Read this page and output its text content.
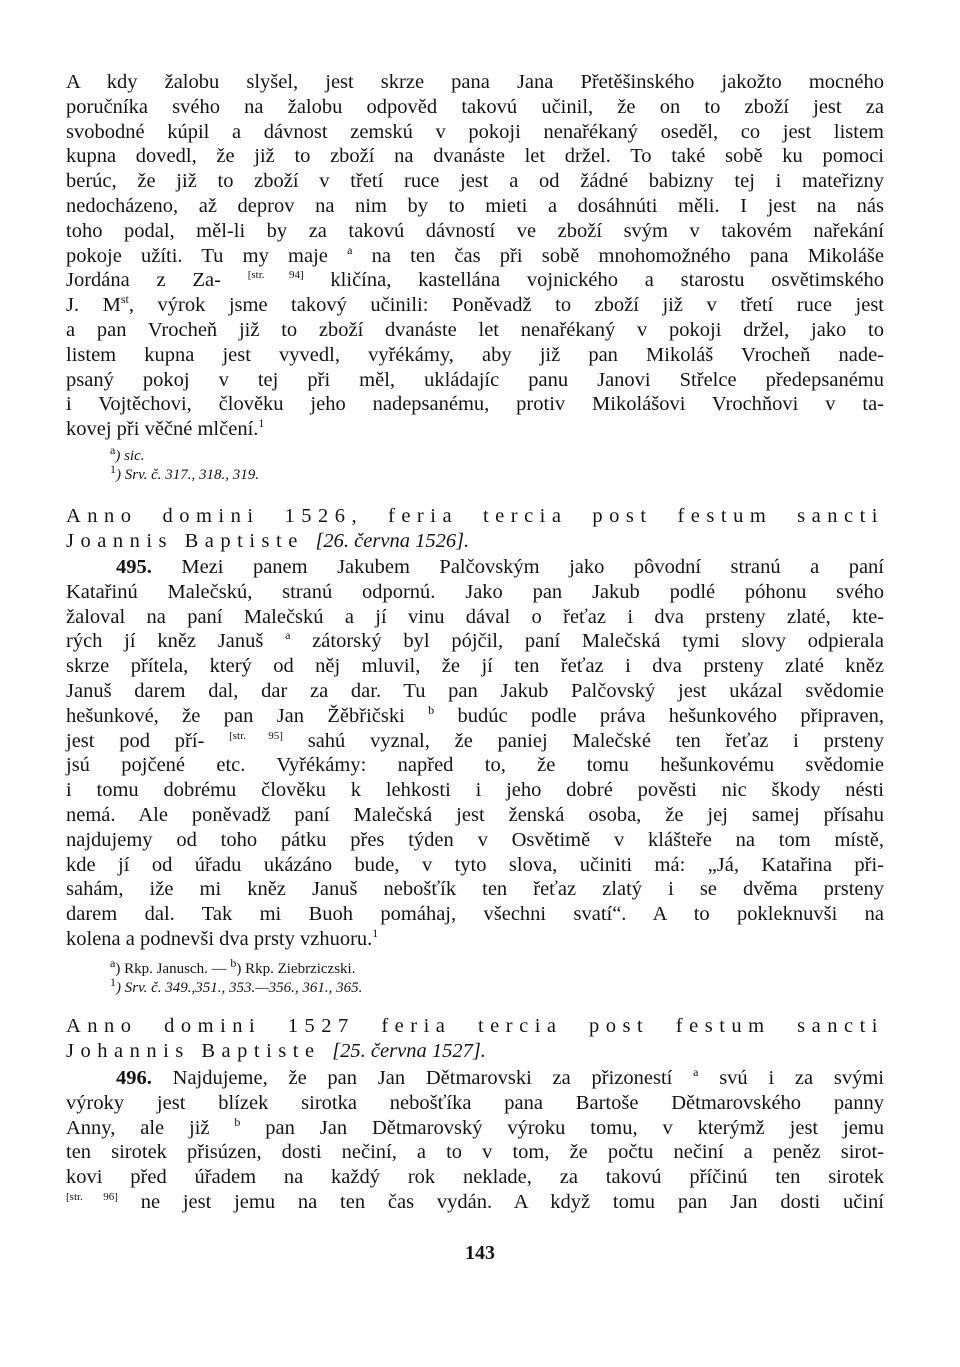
A kdy žalobu slyšel, jest skrze pana Jana Přetěšinského jakožto mocného
poručníka svého na žalobu odpověd takovú učinil, že on to zboží jest za
svobodné kúpil a dávnost zemskú v pokoji nenařékaný oseděl, co jest listem
kupna dovedl, že již to zboží na dvanáste let držel. To také sobě ku pomoci
berúc, že již to zboží v třetí ruce jest a od žádné babizny tej i mateřizny
nedocházeno, až deprov na nim by to mieti a dosáhnúti měli. I jest na nás
toho podal, měl-li by za takovú dávností ve zboží svým v takovém nařekání
pokoje užíti. Tu my maje $^a$ na ten čas při sobě mnohomožného pana Mikoláše
Jordána z Za- [str. 94] kličína, kastellána vojnického a starostu osvětimského
J. Mst, výrok jsme takový učinili: Poněvadž to zboží již v třetí ruce jest
a pan Vrocheň již to zboží dvanáste let nenařékaný v pokoji držel, jako to
listem kupna jest vyvedl, vyřékámy, aby již pan Mikoláš Vrocheň nade-
psaný pokoj v tej při měl, ukládajíc panu Janovi Střelce předepsanému
i Vojtěchovi, člověku jeho nadepsanému, protiv Mikolášovi Vrochňovi v ta-
kovej při věčné mlčení.$^1$
$^a$) sic.
$^1$) Srv. č. 317., 318., 319.
Anno domini 1526, feria tercia post festum sancti
Joannis Baptiste [26. června 1526].
495. Mezi panem Jakubem Palčovským jako pôvodní stranú a paní
Katařinú Malečskú, stranú odpornú. Jako pan Jakub podlé póhonu svého
žaloval na paní Malečskú a jí vinu dával o řeťaz i dva prsteny zlaté, kte-
rých jí kněz Januš $^a$ zátorský byl pójčil, paní Malečská tymi slovy odpierala
skrze přítela, který od něj mluvil, že jí ten řeťaz i dva prsteny zlaté kněz
Januš darem dal, dar za dar. Tu pan Jakub Palčovský jest ukázal svědomie
hešunkové, že pan Jan Žěbřičski $^b$ budúc podle práva hešunkového připraven,
jest pod pří- [str. 95] sahú vyznal, že paniej Malečské ten řeťaz i prsteny
jsú pojčené etc. Vyřékámy: napřed to, že tomu hešunkovému svědomie
i tomu dobrému člověku k lehkosti i jeho dobré pověsti nic škody nésti
nemá. Ale poněvadž paní Malečská jest ženská osoba, že jej samej přísahu
najdujemy od toho pátku přes týden v Osvětimě v klášteře na tom místě,
kde jí od úřadu ukázáno bude, v tyto slova, učiniti má: „Já, Katařina při-
sahám, iže mi kněz Januš nebošťík ten řeťaz zlatý i se dvěma prsteny
darem dal. Tak mi Buoh pomáhaj, všechni svatí“. A to pokleknuvši na
kolena a podnevši dva prsty vzhuoru.$^1$
$^a$) Rkp. Janusch. — $^b$) Rkp. Ziebrziczski.
$^1$) Srv. č. 349.,351., 353.—356., 361., 365.
Anno domini 1527 feria tercia post festum sancti
Johannis Baptiste [25. června 1527].
496. Najdujeme, že pan Jan Dětmarovski za přizonestí $^a$ svú i za svými
výroky jest blízek sirotka nebošťíka pana Bartoše Dětmarovského panny
Anny, ale již $^b$ pan Jan Dětmarovský výroku tomu, v kterýmž jest jemu
ten sirotek přisúzen, dosti nečiní, a to v tom, že počtu nečiní a peněz sirot-
kovi před úřadem na každý rok neklade, za takovú příčinú ten sirotek
[str. 96] ne jest jemu na ten čas vydán. A když tomu pan Jan dosti učiní
143
